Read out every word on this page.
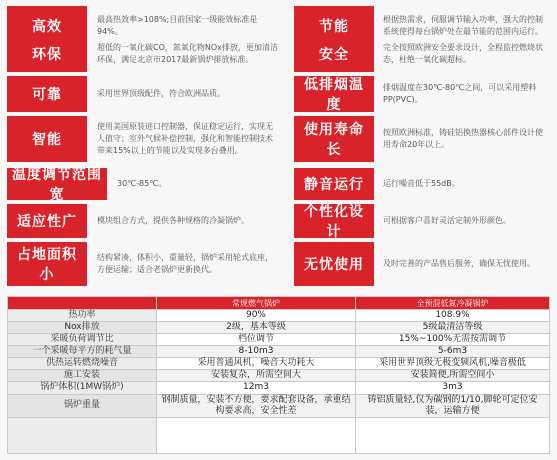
高效	最高热效率>108%;目前国家一级能效标准是94%。	节能	根据热需求，伺服调节输入功率，强大的控制系统使得每台锅炉处在最节能的范围内运行。
环保	超低的一氧化碳CO，氮氧化物NOx排放，更加清洁环保，满足北京市2017最新锅炉排放标准。	安全	完全按照欧洲安全要求设计，全程监控燃烧状态，杜绝一氧化碳超标。
可靠	采用世界顶级配件，符合欧洲品质。
低排烟温度
排烟温度在30℃-80℃之间，可以采用塑料PP(PVC)。
智能
使用美国原装进口控制器，保证稳定运行，实现无人值守；室外气候补偿控制，强化和智能控制技术带来15%以上的节能以及实现多台叠用。
使用寿命长
按照欧洲标准，铸硅铝换热器核心部件设计使用寿命20年以上。
温度调节范围宽
30℃-85℃。	静音运行	运行噪音低于55dB。
适应性广	模块组合方式，提供各种规格的冷凝锅炉。
个性化设计
可根据客户喜好灵活定制外形颜色。
占地面积小
结构紧凑，体积小，重量轻，锅炉采用轮式底座，方便运输；适合老锅炉更新换代。	无忧使用	及时完善的产品售后服务，确保无忧使用。
	常规燃气锅炉	全预混低氮冷凝锅炉
热功率	90%	108.9%
Nox排放	2级，基本等级	5级最清洁等级
采暖负荷调节比	档位调节	15%~100%无需按需调节
一个采暖每平方的耗气量	8-10m3	5-6m3
供热运转燃烧噪音	采用普通风机，噪音大功耗大	采用世界顶级无极变频风机,噪音极低
施工安装	安装复杂，所需空间大	安装简便,所需空间小
锅炉体积(1MW锅炉)	12m3	3m3
锅炉重量	钢制质量，安装不方便，要求配套设备，承重结构要求高，安全性差	铸铝质量轻,仅为碳钢的1/10,脚轮可定位安装，运输方便
